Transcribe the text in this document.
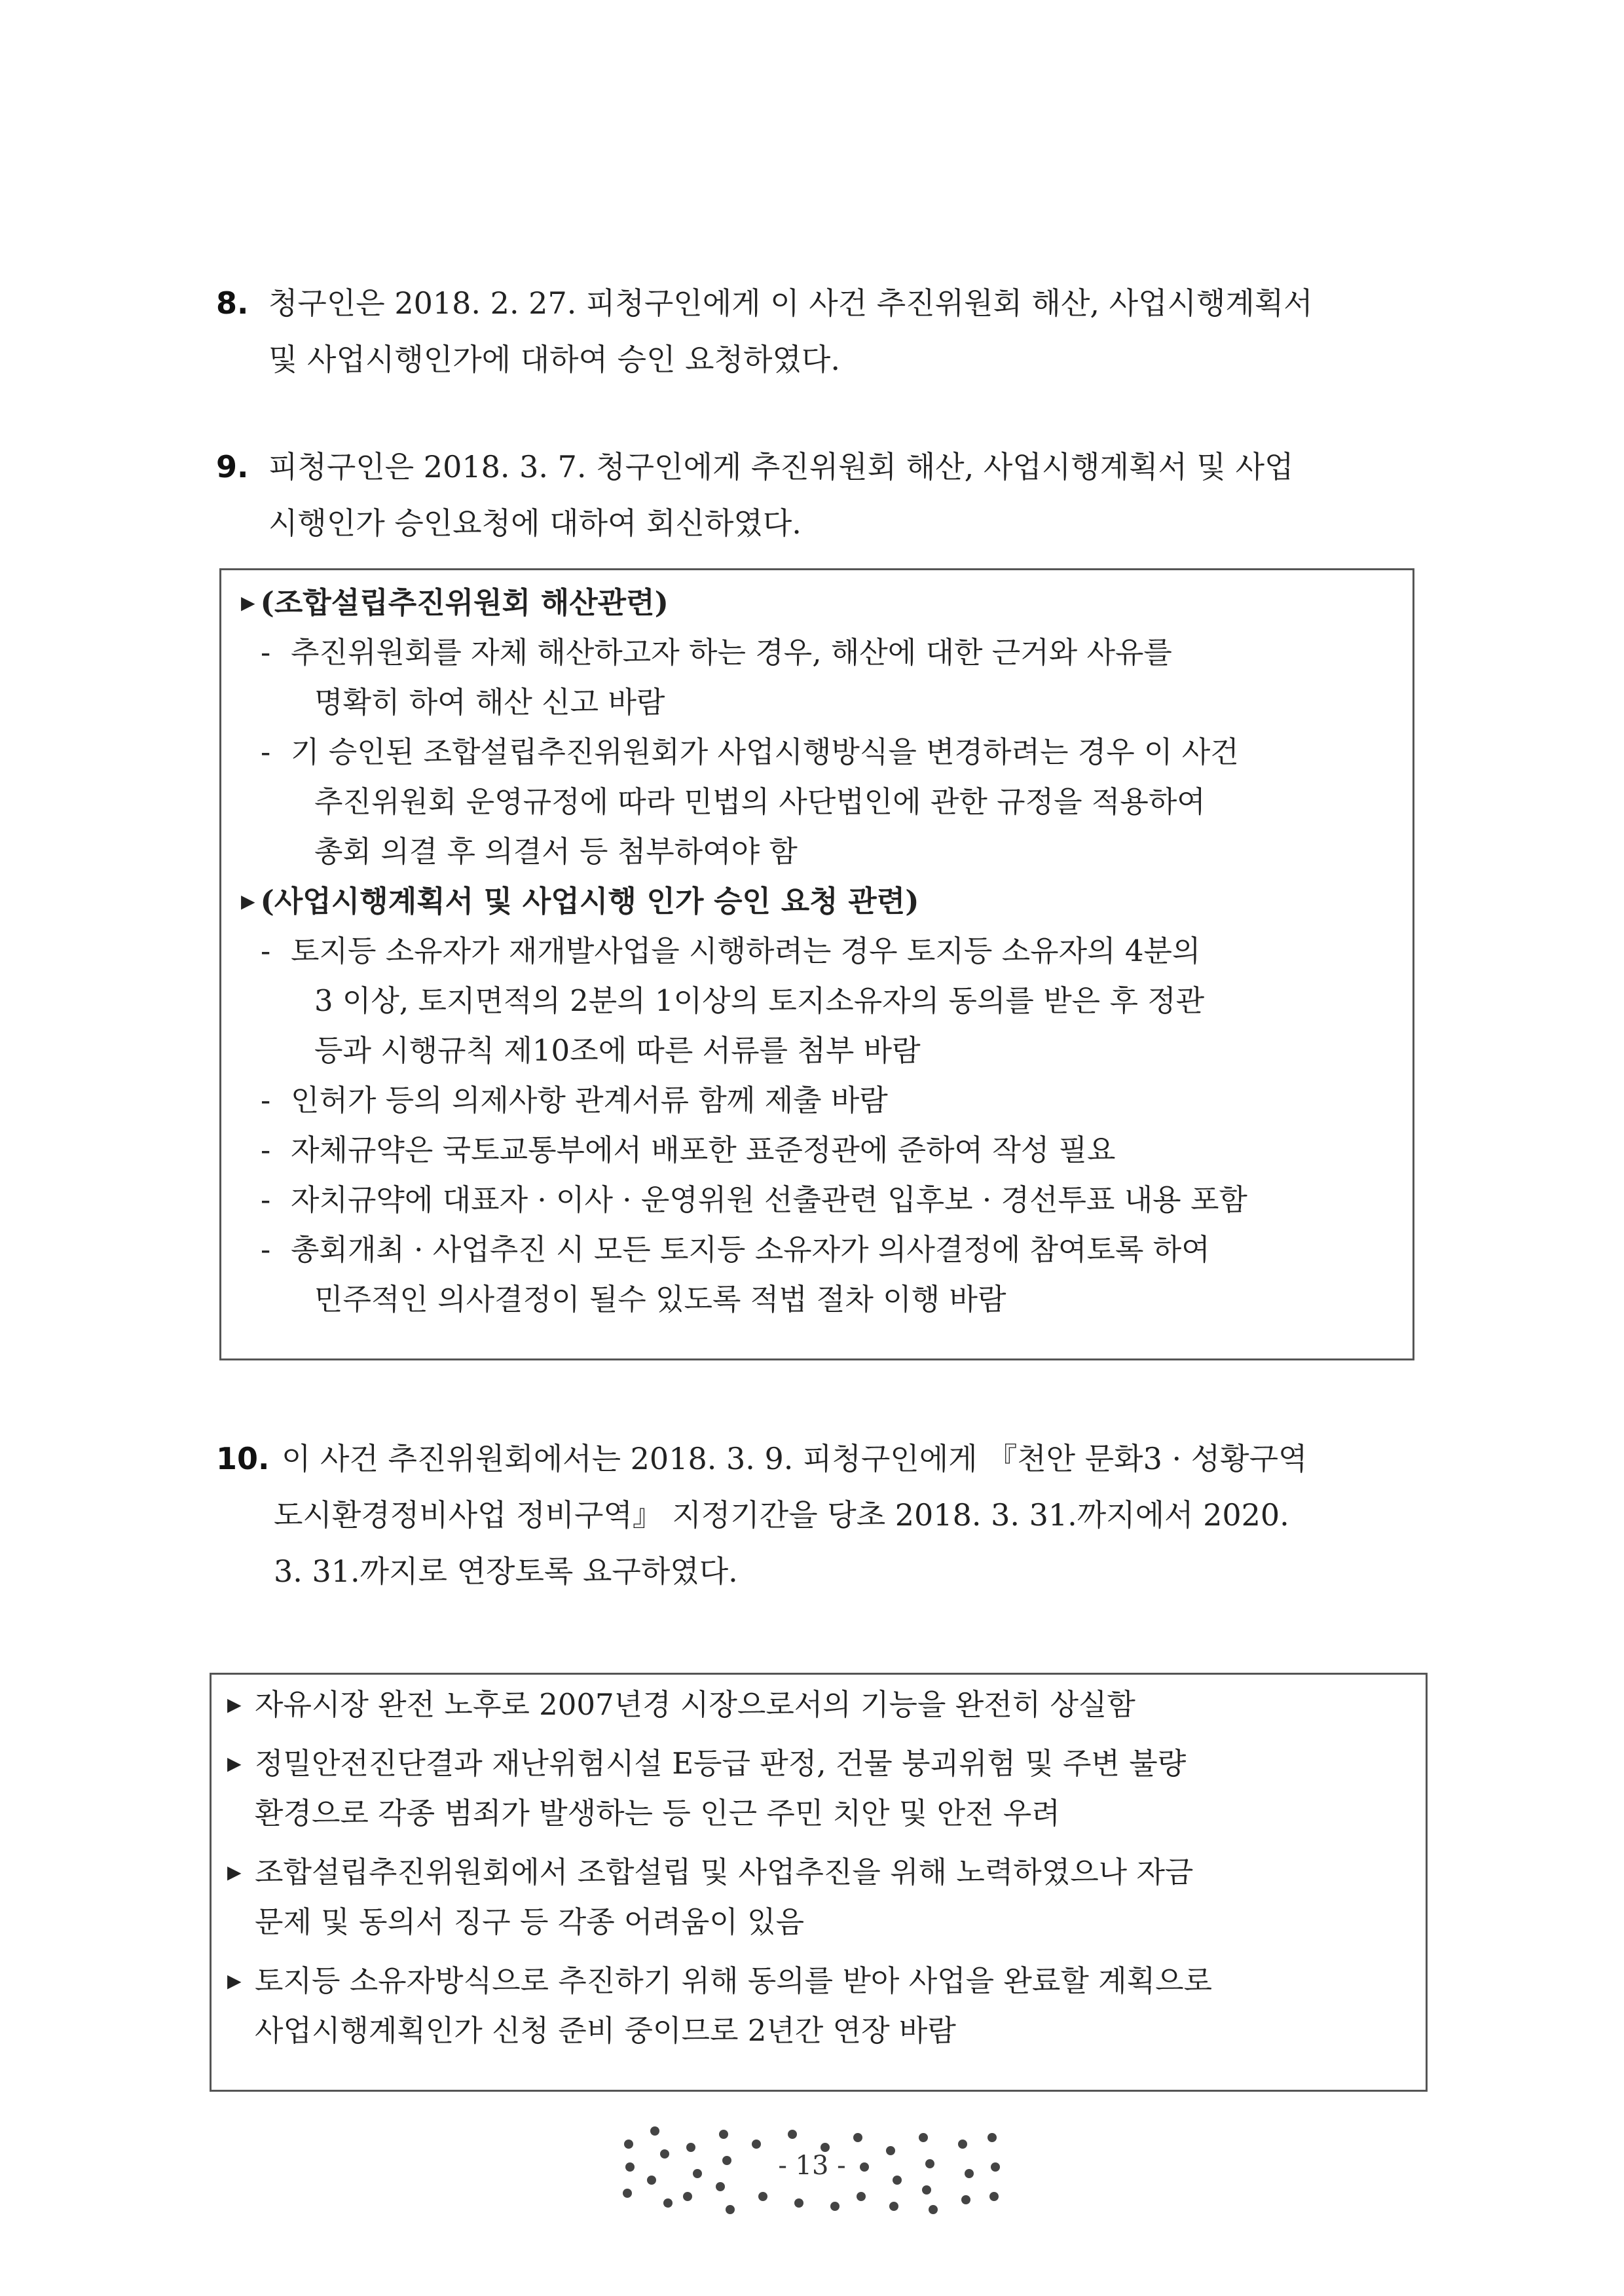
8. 청구인은 2018. 2. 27. 피청구인에게 이 사건 추진위원회 해산, 사업시행계획서
및 사업시행인가에 대하여 승인 요청하였다.
9. 피청구인은 2018. 3. 7. 청구인에게 추진위원회 해산, 사업시행계획서 및 사업
시행인가 승인요청에 대하여 회신하였다.
▶ (조합설립추진위원회 해산관련)
- 추진위원회를 자체 해산하고자 하는 경우, 해산에 대한 근거와 사유를
명확히 하여 해산 신고 바람
- 기 승인된 조합설립추진위원회가 사업시행방식을 변경하려는 경우 이 사건
추진위원회 운영규정에 따라 민법의 사단법인에 관한 규정을 적용하여
총회 의결 후 의결서 등 첨부하여야 함
▶ (사업시행계획서 및 사업시행 인가 승인 요청 관련)
- 토지등 소유자가 재개발사업을 시행하려는 경우 토지등 소유자의 4분의
3 이상, 토지면적의 2분의 1이상의 토지소유자의 동의를 받은 후 정관
등과 시행규칙 제10조에 따른 서류를 첨부 바람
- 인허가 등의 의제사항 관계서류 함께 제출 바람
- 자체규약은 국토교통부에서 배포한 표준정관에 준하여 작성 필요
- 자치규약에 대표자 · 이사 · 운영위원 선출관련 입후보 · 경선투표 내용 포함
- 총회개최 · 사업추진 시 모든 토지등 소유자가 의사결정에 참여토록 하여
민주적인 의사결정이 될수 있도록 적법 절차 이행 바람
10. 이 사건 추진위원회에서는 2018. 3. 9. 피청구인에게 『천안 문화3 · 성황구역
도시환경정비사업 정비구역』 지정기간을 당초 2018. 3. 31.까지에서 2020.
3. 31.까지로 연장토록 요구하였다.
▶ 자유시장 완전 노후로 2007년경 시장으로서의 기능을 완전히 상실함
▶ 정밀안전진단결과 재난위험시설 E등급 판정, 건물 붕괴위험 및 주변 불량
환경으로 각종 범죄가 발생하는 등 인근 주민 치안 및 안전 우려
▶ 조합설립추진위원회에서 조합설립 및 사업추진을 위해 노력하였으나 자금
문제 및 동의서 징구 등 각종 어려움이 있음
▶ 토지등 소유자방식으로 추진하기 위해 동의를 받아 사업을 완료할 계획으로
사업시행계획인가 신청 준비 중이므로 2년간 연장 바람
- 13 -
